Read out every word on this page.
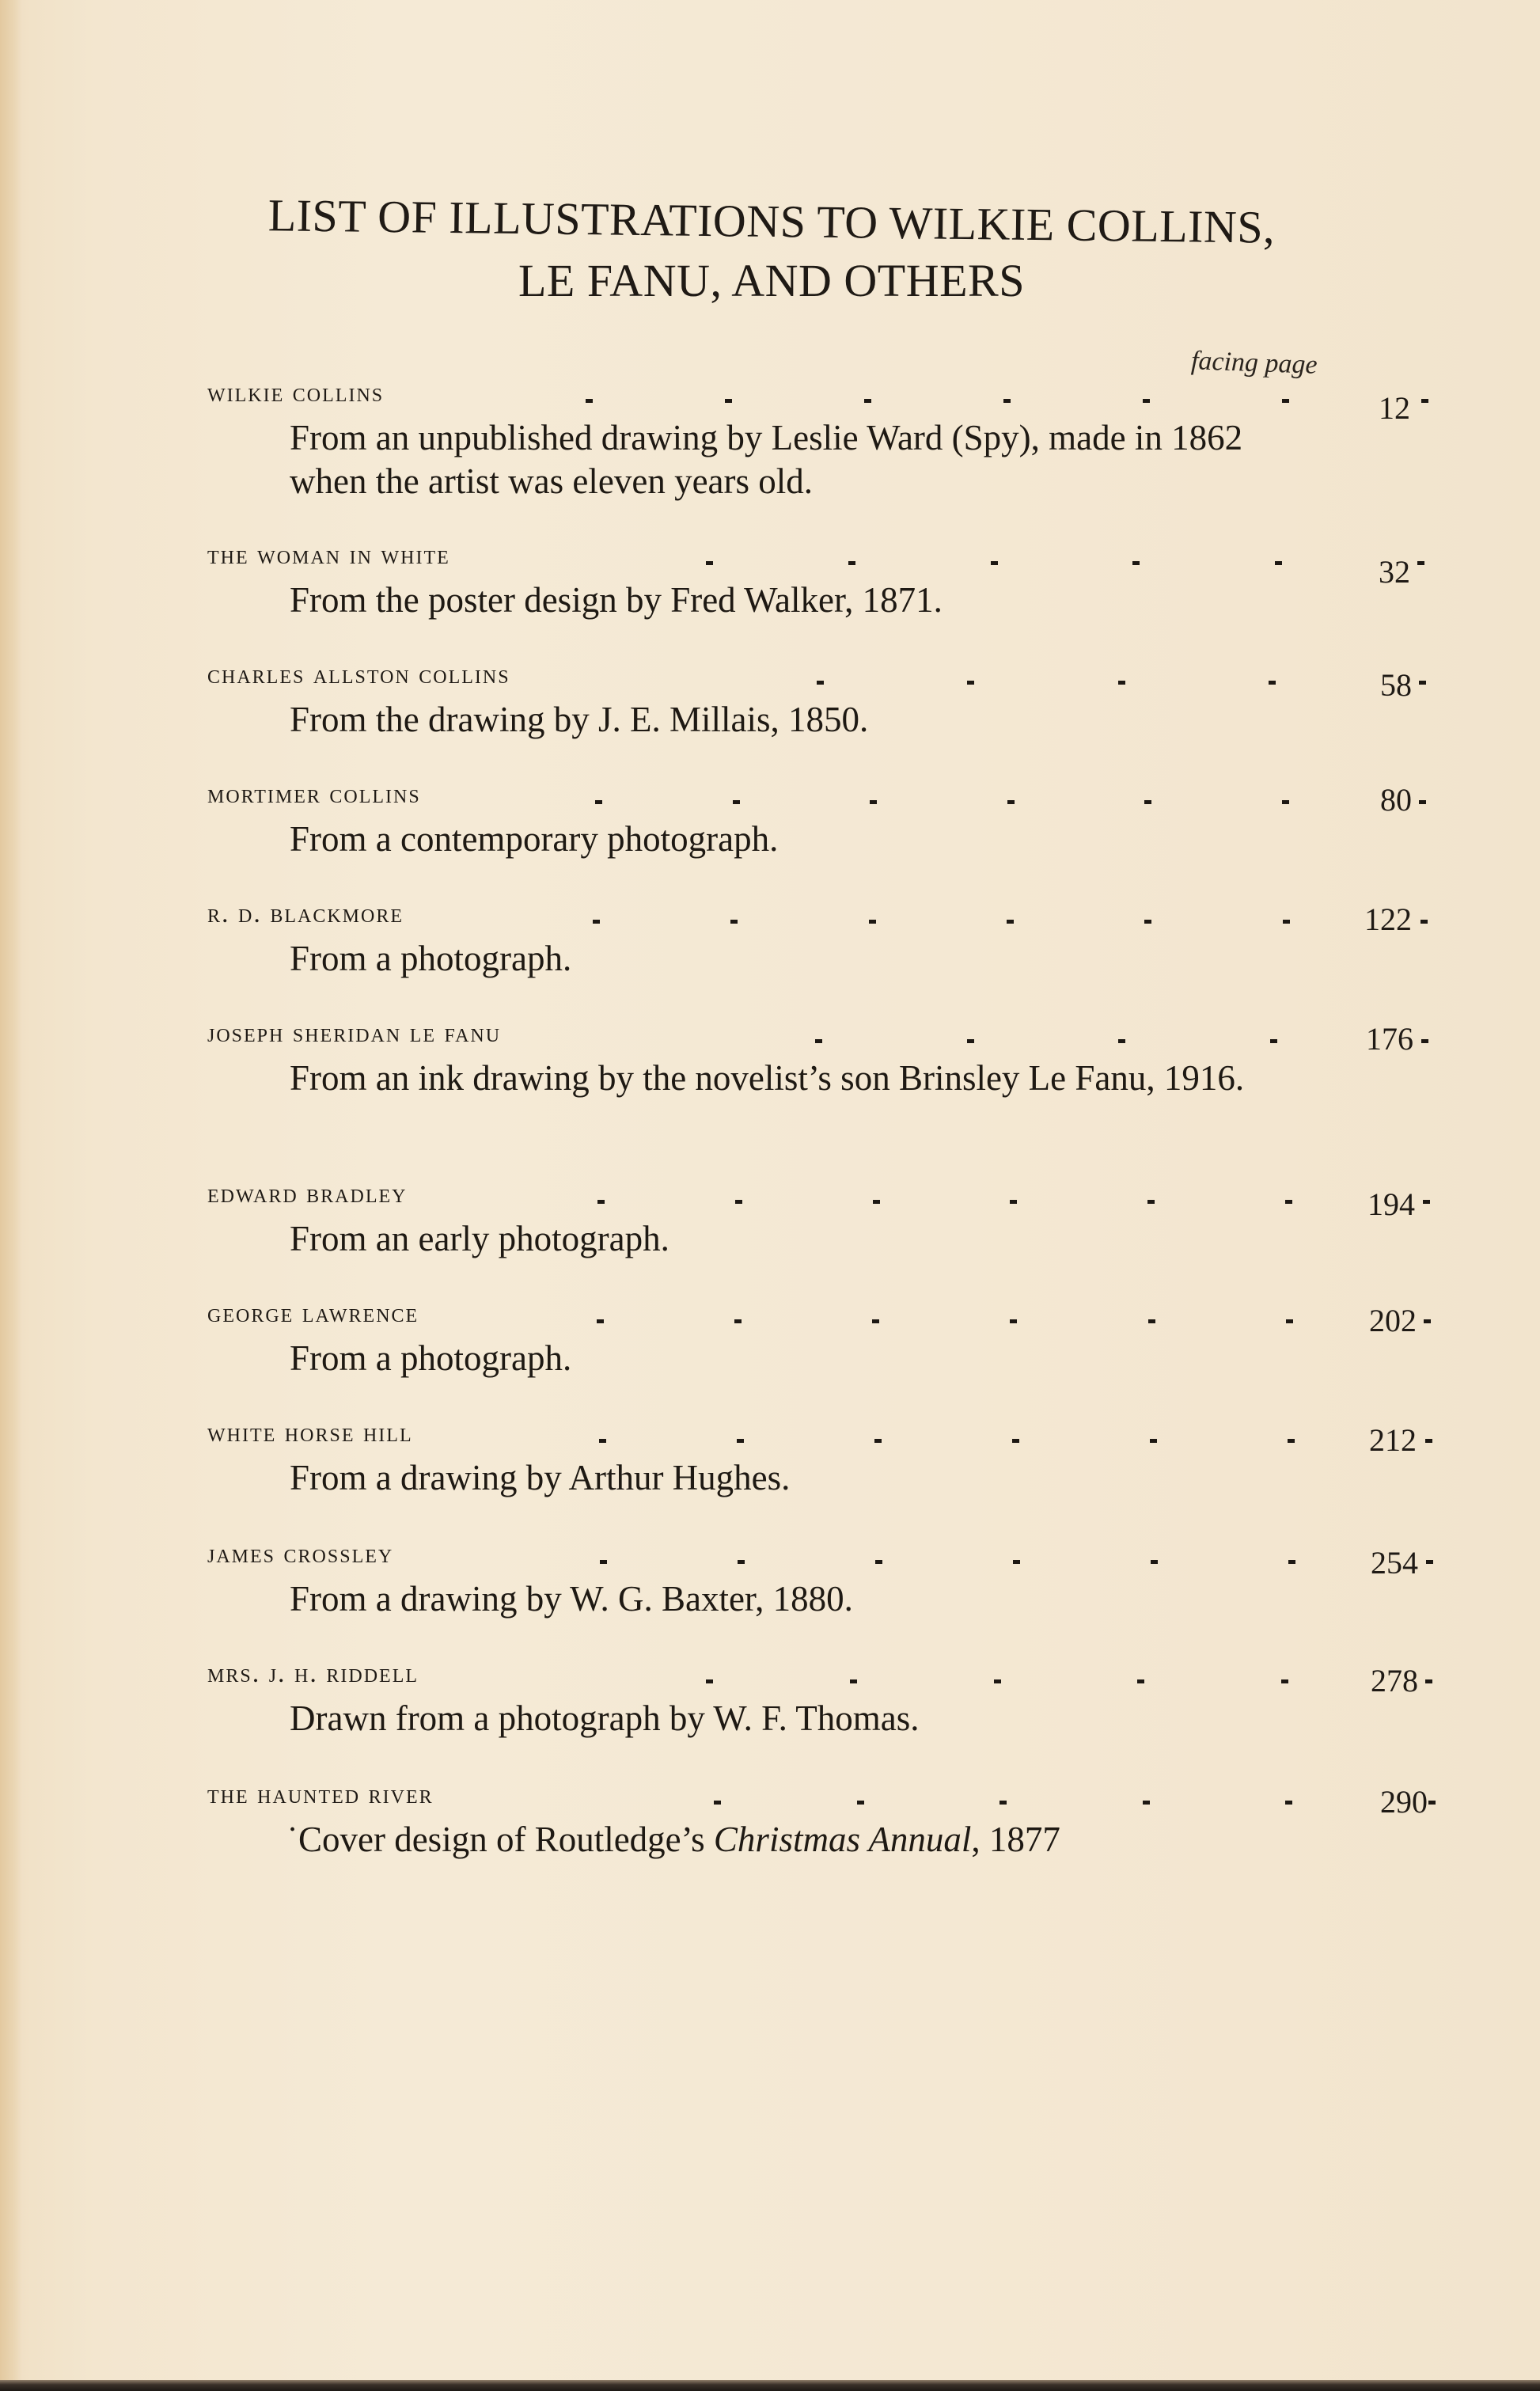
LIST OF ILLUSTRATIONS TO WILKIE COLLINS,
LE FANU, AND OTHERS
facing page
wilkie collins	12
From an unpublished drawing by Leslie Ward (Spy), made in 1862 when the artist was eleven years old.
the woman in white	32
From the poster design by Fred Walker, 1871.
charles allston collins	58
From the drawing by J. E. Millais, 1850.
mortimer collins	80
From a contemporary photograph.
r. d. blackmore	122
From a photograph.
joseph sheridan le fanu	176
From an ink drawing by the novelist’s son Brinsley Le Fanu, 1916.
edward bradley	194
From an early photograph.
george lawrence	202
From a photograph.
white horse hill	212
From a drawing by Arthur Hughes.
james crossley	254
From a drawing by W. G. Baxter, 1880.
mrs. j. h. riddell	278
Drawn from a photograph by W. F. Thomas.
the haunted river	290
˙Cover design of Routledge’s Christmas Annual, 1877
